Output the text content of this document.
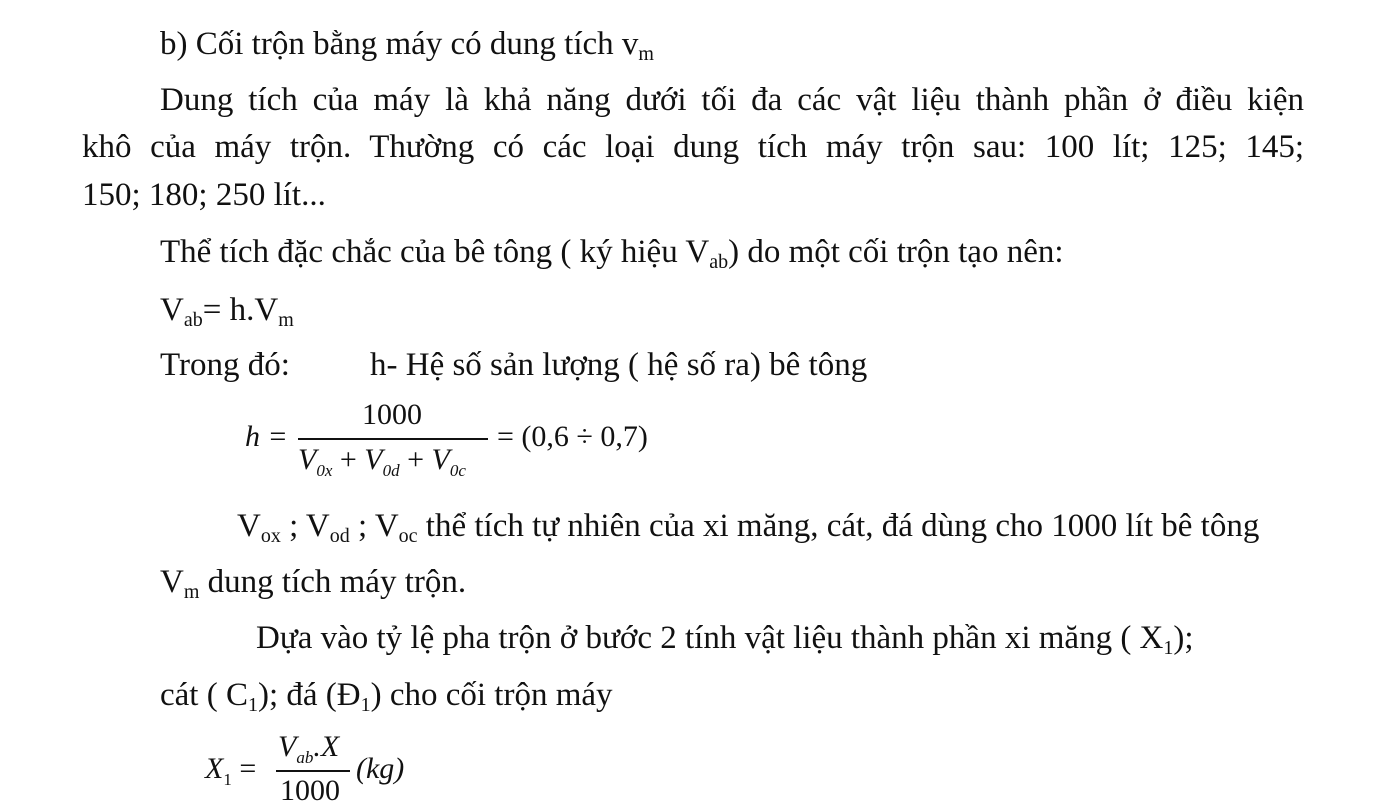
b) Cối trộn bằng máy có dung tích $v_m$
Dung tích của máy là khả năng dưới tối đa các vật liệu thành phần ở điều kiện
khô của máy trộn. Thường có các loại dung tích máy trộn sau: 100 lít; 125; 145;
150; 180; 250 lít...
Thể tích đặc chắc của bê tông ( ký hiệu $V_{ab}$) do một cối trộn tạo nên:
$V_{ab}= h.V_m$
Trong đó: h- Hệ số sản lượng ( hệ số ra) bê tông
h =
1000
$V_{0x} + V_{0d} + V_{0c}$
= (0,6 ÷ 0,7)
$V_{ox}$ ; $V_{od}$ ; $V_{oc}$ thể tích tự nhiên của xi măng, cát, đá dùng cho 1000 lít bê tông
$V_m$ dung tích máy trộn.
Dựa vào tỷ lệ pha trộn ở bước 2 tính vật liệu thành phần xi măng ( $X_1$);
cát ( $C_1$); đá $(Đ_1)$ cho cối trộn máy
$X_1$ =
$V_{ab}.X$
1000
(kg)
